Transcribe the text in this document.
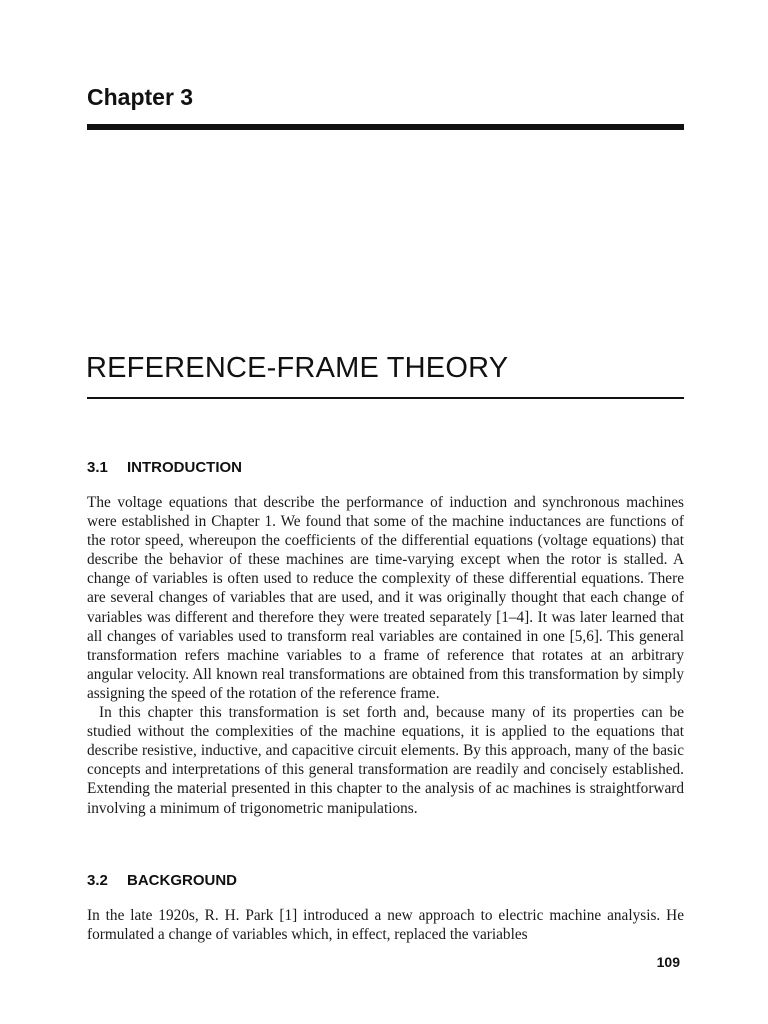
Chapter 3
REFERENCE-FRAME THEORY
3.1 INTRODUCTION

The voltage equations that describe the performance of induction and synchronous machines were established in Chapter 1. We found that some of the machine inductances are functions of the rotor speed, whereupon the coefficients of the differential equations (voltage equations) that describe the behavior of these machines are time-varying except when the rotor is stalled. A change of variables is often used to reduce the complexity of these differential equations. There are several changes of variables that are used, and it was originally thought that each change of variables was different and therefore they were treated separately [1–4]. It was later learned that all changes of variables used to transform real variables are contained in one [5,6]. This general transformation refers machine variables to a frame of reference that rotates at an arbitrary angular velocity. All known real transformations are obtained from this transformation by simply assigning the speed of the rotation of the reference frame.

In this chapter this transformation is set forth and, because many of its properties can be studied without the complexities of the machine equations, it is applied to the equations that describe resistive, inductive, and capacitive circuit elements. By this approach, many of the basic concepts and interpretations of this general transformation are readily and concisely established. Extending the material presented in this chapter to the analysis of ac machines is straightforward involving a minimum of trigonometric manipulations.

3.2 BACKGROUND

In the late 1920s, R. H. Park [1] introduced a new approach to electric machine analysis. He formulated a change of variables which, in effect, replaced the variables

109
